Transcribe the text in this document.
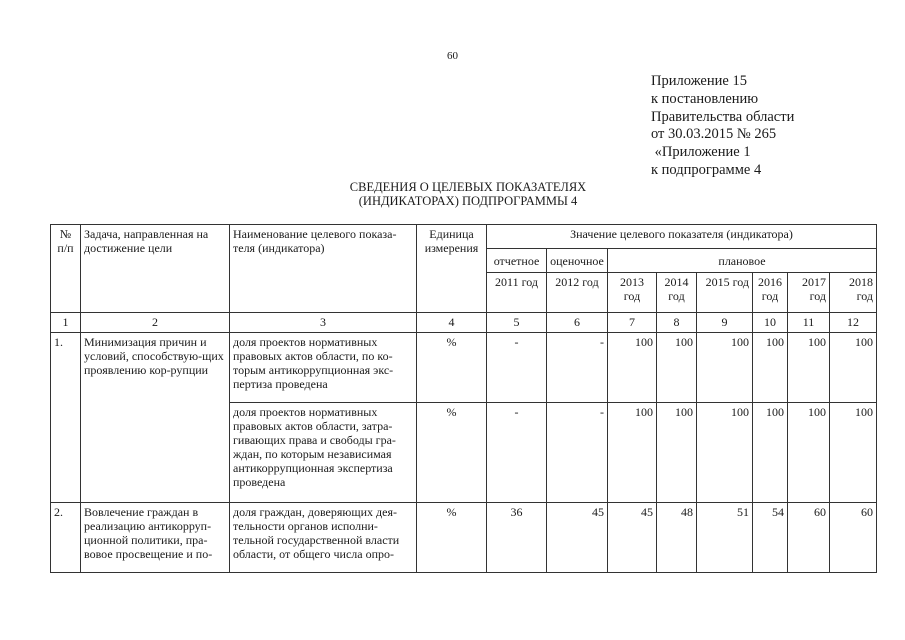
60
Приложение 15
к постановлению
Правительства области
от 30.03.2015 № 265
«Приложение 1
к подпрограмме 4
СВЕДЕНИЯ О ЦЕЛЕВЫХ ПОКАЗАТЕЛЯХ
(ИНДИКАТОРАХ) ПОДПРОГРАММЫ 4
№ п/п	Задача, направленная на достижение цели	Наименование целевого показа-теля (индикатора)	Единица измерения	Значение целевого показателя (индикатора)							
				отчетное	оценочное	плановое					
				2011 год	2012 год	2013 год	2014 год	2015 год	2016 год	2017 год	2018 год
1	2	3	4	5	6	7	8	9	10	11	12
1.	Минимизация причин и условий, способствую-щих проявлению кор-рупции	доля проектов нормативных правовых актов области, по ко-торым антикоррупционная экс-пертиза проведена	%	-	-	100	100	100	100	100	100
		доля проектов нормативных правовых актов области, затра-гивающих права и свободы гра-ждан, по которым независимая антикоррупционная экспертиза проведена	%	-	-	100	100	100	100	100	100
2.	Вовлечение граждан в реализацию антикорруп-ционной политики, пра-вовое просвещение и по-	доля граждан, доверяющих дея-тельности органов исполни-тельной государственной власти области, от общего числа опро-	%	36	45	45	48	51	54	60	60
